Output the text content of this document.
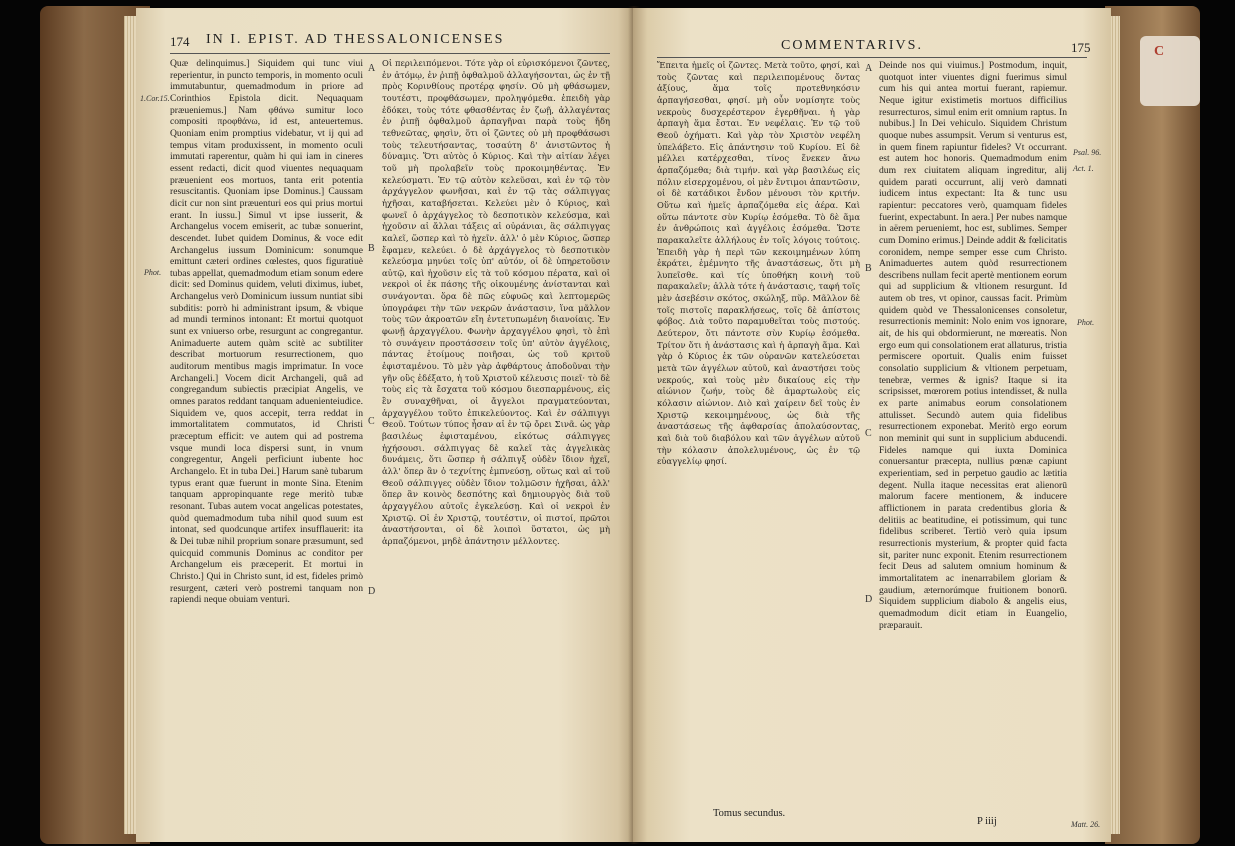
C
174 IN I. EPIST. AD THESSALONICENSES
1.Cor.15.
Phot.

Quæ delinquimus.] Siquidem qui tunc viui reperientur, in puncto temporis, in momento oculi immutabuntur, quemadmodum in priore ad Corinthios Epistola dicit. Nequaquam præueniemus.] Nam φθάνω sumitur loco compositi προφθάνω, id est, anteuertemus. Quoniam enim promptius videbatur, vt ij qui ad tempus vitam produxissent, in momento oculi immutati raperentur, quàm hi qui iam in cineres essent redacti, dicit quod viuentes nequaquam præuenient eos mortuos, tanta erit potentia resuscitantis. Quoniam ipse Dominus.] Caussam dicit cur non sint præuenturi eos qui prius mortui erant. In iussu.] Simul vt ipse iusserit, & Archangelus vocem emiserit, ac tubæ sonuerint, descendet. Iubet quidem Dominus, & voce edit Archangelus iussum Dominicum: sonumque emittunt cæteri ordines cœlestes, quos figuratiuè tubas appellat, quemadmodum etiam sonum edere dicit: sed Dominus quidem, veluti diximus, iubet, Archangelus verò Dominicum iussum nuntiat sibi subditis: porrò hi administrant ipsum, & vbique ad mundi terminos intonant: Et mortui quotquot sunt ex vniuerso orbe, resurgunt ac congregantur. Animaduerte autem quàm scitè ac subtiliter describat mortuorum resurrectionem, quo auditorum mentibus magis imprimatur. In voce Archangeli.] Vocem dicit Archangeli, quâ ad congregandum subiectis præcipiat Angelis, ve omnes paratos reddant tanquam aduenienteiudice. Siquidem ve, quos accepit, terra reddat in immortalitatem commutatos, id Christi præceptum efficit: ve autem qui ad postrema vsque mundi loca dispersi sunt, in vnum congregentur, Angeli perficiunt iubente hoc Archangelo. Et in tuba Dei.] Harum sanè tubarum typus erant quæ fuerunt in monte Sina. Etenim tanquam appropinquante rege meritò tubæ resonant. Tubas autem vocat angelicas potestates, quòd quemadmodum tuba nihil quod suum est intonat, sed quodcunque artifex insufflauerit: ita & Dei tubæ nihil proprium sonare præsumunt, sed quicquid communis Dominus ac conditor per Archangelum eis præceperit. Et mortui in Christo.] Qui in Christo sunt, id est, fideles primò resurgent, cæteri verò postremi tanquam non rapiendi neque obuiam venturi.

A
B
C
D

Οἱ περιλειπόμενοι. Τότε γὰρ οἱ εὑρισκόμενοι ζῶντες, ἐν ἀτόμῳ, ἐν ῥιπῇ ὀφθαλμοῦ ἀλλαγήσονται, ὡς ἐν τῇ πρὸς Κορινθίους προτέρᾳ φησίν. Οὐ μὴ φθάσωμεν, τουτέστι, προφθάσωμεν, προληψόμεθα. ἐπειδὴ γὰρ ἐδόκει, τοὺς τότε φθασθέντας ἐν ζωῇ, ἀλλαγέντας ἐν ῥιπῇ ὀφθαλμοῦ ἁρπαγῆναι παρὰ τοὺς ἤδη τεθνεῶτας, φησὶν, ὅτι οἱ ζῶντες οὐ μὴ προφθάσωσι τοὺς τελευτήσαντας, τοσαύτη δ' ἀνιστῶντος ἡ δύναμις. Ὅτι αὐτὸς ὁ Κύριος. Καὶ τὴν αἰτίαν λέγει τοῦ μὴ προλαβεῖν τοὺς προκοιμηθέντας. Ἐν κελεύσματι. Ἐν τῷ αὐτὸν κελεῦσαι, καὶ ἐν τῷ τὸν ἀρχάγγελον φωνῆσαι, καὶ ἐν τῷ τὰς σάλπιγγας ἠχῆσαι, καταβήσεται. Κελεύει μὲν ὁ Κύριος, καὶ φωνεῖ ὁ ἀρχάγγελος τὸ δεσποτικὸν κελεύσμα, καὶ ἠχοῦσιν αἱ ἄλλαι τάξεις αἱ οὐράνιαι, ἃς σάλπιγγας καλεῖ, ὥσπερ καὶ τὸ ἠχεῖν. ἀλλ' ὁ μὲν Κύριος, ὥσπερ ἔφαμεν, κελεύει. ὁ δὲ ἀρχάγγελος τὸ δεσποτικὸν κελεύσμα μηνύει τοῖς ὑπ' αὐτόν, οἱ δὲ ὑπηρετοῦσιν αὐτῷ, καὶ ἠχοῦσιν εἰς τὰ τοῦ κόσμου πέρατα, καὶ οἱ νεκροὶ οἱ ἐκ πάσης τῆς οἰκουμένης ἀνίστανται καὶ συνάγονται. ὅρα δὲ πῶς εὐφυῶς καὶ λεπτομερῶς ὑπογράφει τὴν τῶν νεκρῶν ἀνάστασιν, ἵνα μᾶλλον τοὺς τῶν ἀκροατῶν εἴη ἐντετυπωμένη διανοίαις. Ἐν φωνῇ ἀρχαγγέλου. Φωνὴν ἀρχαγγέλου φησὶ, τὸ ἐπὶ τὸ συνάγειν προστάσσειν τοῖς ὑπ' αὐτὸν ἀγγέλοις, πάντας ἑτοίμους ποιῆσαι, ὡς τοῦ κριτοῦ ἐφισταμένου. Τὸ μὲν γὰρ ἀφθάρτους ἀποδοῦναι τὴν γῆν οὓς ἐδέξατο, ἡ τοῦ Χριστοῦ κέλευσις ποιεῖ· τὸ δὲ τοὺς εἰς τὰ ἔσχατα τοῦ κόσμου διεσπαρμένους, εἰς ἓν συναχθῆναι, οἱ ἄγγελοι πραγματεύονται, ἀρχαγγέλου τοῦτο ἐπικελεύοντος. Καὶ ἐν σάλπιγγι Θεοῦ. Τούτων τύπος ἦσαν αἱ ἐν τῷ ὄρει Σινᾶ. ὡς γὰρ βασιλέως ἐφισταμένου, εἰκότως σάλπιγγες ἠχήσουσι. σάλπιγγας δὲ καλεῖ τὰς ἀγγελικὰς δυνάμεις, ὅτι ὥσπερ ἡ σάλπιγξ οὐδὲν ἴδιον ἠχεῖ, ἀλλ' ὅπερ ἂν ὁ τεχνίτης ἐμπνεύσῃ, οὕτως καὶ αἱ τοῦ Θεοῦ σάλπιγγες οὐδὲν ἴδιον τολμῶσιν ἠχῆσαι, ἀλλ' ὅπερ ἂν κοινὸς δεσπότης καὶ δημιουργὸς διὰ τοῦ ἀρχαγγέλου αὐτοῖς ἐγκελεύσῃ. Καὶ οἱ νεκροὶ ἐν Χριστῷ. Οἱ ἐν Χριστῷ, τουτέστιν, οἱ πιστοί, πρῶτοι ἀναστήσονται, οἱ δὲ λοιποὶ ὕστατοι, ὡς μὴ ἁρπαζόμενοι, μηδὲ ἀπάντησιν μέλλοντες.

COMMENTARIVS.	175

Ἔπειτα ἡμεῖς οἱ ζῶντες. Μετὰ τοῦτο, φησί, καὶ τοὺς ζῶντας καὶ περιλειπομένους ὄντας ἀξίους, ἅμα τοῖς προτεθνηκόσιν ἁρπαγήσεσθαι, φησί. μὴ οὖν νομίσητε τοὺς νεκροὺς δυσχερέστερον ἐγερθῆναι. ἡ γὰρ ἁρπαγὴ ἅμα ἔσται. Ἐν νεφέλαις. Ἐν τῷ τοῦ Θεοῦ ὀχήματι. Καὶ γὰρ τὸν Χριστὸν νεφέλη ὑπελάβετο. Εἰς ἀπάντησιν τοῦ Κυρίου. Εἰ δὲ μέλλει κατέρχεσθαι, τίνος ἕνεκεν ἄνω ἁρπαζόμεθα; διὰ τιμήν. καὶ γὰρ βασιλέως εἰς πόλιν εἰσερχομένου, οἱ μὲν ἔντιμοι ἀπαντῶσιν, οἱ δὲ κατάδικοι ἔνδον μένουσι τὸν κριτήν. Οὕτω καὶ ἡμεῖς ἁρπαζόμεθα εἰς ἀέρα. Καὶ οὕτω πάντοτε σὺν Κυρίῳ ἐσόμεθα. Τὸ δὲ ἅμα ἐν ἀνθρώποις καὶ ἀγγέλοις ἐσόμεθα. Ὥστε παρακαλεῖτε ἀλλήλους ἐν τοῖς λόγοις τούτοις. Ἐπειδὴ γὰρ ἡ περὶ τῶν κεκοιμημένων λύπη ἐκράτει, ἐμέμνητο τῆς ἀναστάσεως, ὅτι μὴ λυπεῖσθε. καὶ τίς ὑποθήκη κοινὴ τοῦ παρακαλεῖν; ἀλλὰ τότε ἡ ἀνάστασις, ταφή τοῖς μὲν ἀσεβέσιν σκότος, σκώληξ, πῦρ. Μᾶλλον δὲ τοῖς πιστοῖς παρακλήσεως, τοῖς δὲ ἀπίστοις φόβος. Διὰ τοῦτο παραμυθεῖται τοὺς πιστούς. Δεύτερον, ὅτι πάντοτε σὺν Κυρίῳ ἐσόμεθα. Τρίτον ὅτι ἡ ἀνάστασις καὶ ἡ ἁρπαγὴ ἅμα. Καὶ γὰρ ὁ Κύριος ἐκ τῶν οὐρανῶν κατελεύσεται μετὰ τῶν ἀγγέλων αὐτοῦ, καὶ ἀναστήσει τοὺς νεκρούς, καὶ τοὺς μὲν δικαίους εἰς τὴν αἰώνιον ζωήν, τοὺς δὲ ἀμαρτωλοὺς εἰς κόλασιν αἰώνιον. Διὸ καὶ χαίρειν δεῖ τοὺς ἐν Χριστῷ κεκοιμημένους, ὡς διὰ τῆς ἀναστάσεως τῆς ἀφθαρσίας ἀπολαύσοντας, καὶ διὰ τοῦ διαβόλου καὶ τῶν ἀγγέλων αὐτοῦ τὴν κόλασιν ἀπολελυμένους, ὡς ἐν τῷ εὐαγγελίῳ φησί.

A
B
C
D

Deinde nos qui viuimus.] Postmodum, inquit, quotquot inter viuentes digni fuerimus simul cum his qui antea mortui fuerant, rapiemur. Neque igitur existimetis mortuos difficilius resurrecturos, simul enim erit omnium raptus. In nubibus.] In Dei vehiculo. Siquidem Christum quoque nubes assumpsit. Verum si venturus est, in quem finem rapiuntur fideles? Vt occurrant. est autem hoc honoris. Quemadmodum enim dum rex ciuitatem aliquam ingreditur, alij quidem parati occurrunt, alij verò damnati iudicem intus expectant: Ita & tunc usu rapientur: peccatores verò, quamquam fideles fuerint, expectabunt. In aera.] Per nubes namque in aërem perueniemt, hoc est, sublimes. Semper cum Domino erimus.] Deinde addit & fœlicitatis coronidem, nempe semper esse cum Christo. Animaduertes autem quòd resurrectionem describens nullam fecit apertè mentionem eorum qui ad supplicium & vltionem resurgunt. Id autem ob tres, vt opinor, caussas facit. Primùm quidem quòd ve Thessalonicenses consoletur, resurrectionis meminit: Nolo enim vos ignorare, ait, de his qui obdormierunt, ne mœreatis. Non ergo eum qui consolationem erat allaturus, tristia permiscere oportuit. Qualis enim fuisset consolatio supplicium & vltionem perpetuam, tenebræ, vermes & ignis? Itaque si ita scripsisset, mœrorem potius intendisset, & nulla ex parte animabus eorum consolationem attulisset. Secundò autem quia fidelibus resurrectionem exponebat. Meritò ergo eorum non meminit qui sunt in supplicium abducendi. Fideles namque qui iuxta Dominica conuersantur præcepta, nullius pœnæ capiunt experientiam, sed in perpetuo gaudio ac lætitia degent. Nulla itaque necessitas erat alienorū malorum facere mentionem, & inducere afflictionem in parata credentibus gloria & delitiis ac beatitudine, ei potissimum, qui tunc fidelibus scriberet. Tertiò verò quia ipsum resurrectionis mysterium, & propter quid facta sit, pariter nunc exponit. Etenim resurrectionem fecit Deus ad salutem omnium hominum & immortalitatem ac inenarrabilem gloriam & gaudium, æternorúmque fruitionem bonorū. Siquidem supplicium diabolo & angelis eius, quemadmodum dicit etiam in Euangelio, præparauit.

Psal. 96.
Act. 1.
Phot.
Matt. 26.
Tomus secundus.
P iiij
